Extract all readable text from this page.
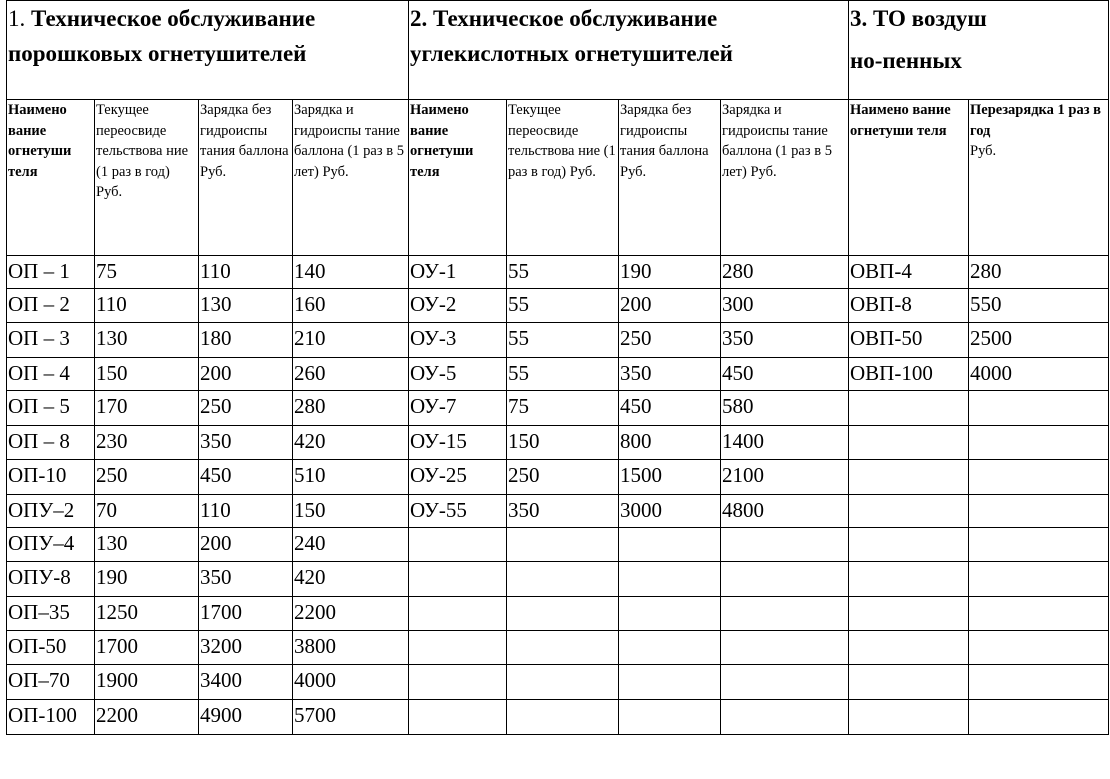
1. Техническое обслуживание порошковых огнетушителей				2. Техническое обслуживание углекислотных огнетушителей				3. ТО воздуш
но-пенных	

Наимено вание огнетуши теля	Текущее переосвиде тельствова ние (1 раз в год) Руб.	Зарядка без гидроиспы тания баллона Руб.	Зарядка и гидроиспы тание баллона (1 раз в 5 лет) Руб.	Наимено вание огнетуши теля	Текущее переосвиде тельствова ние (1 раз в год) Руб.	Зарядка без гидроиспы тания баллона Руб.	Зарядка и гидроиспы тание баллона (1 раз в 5 лет) Руб.	Наимено вание огнетуши теля	Перезарядка 1 раз в год
Руб.

ОП – 1	75	110	140	ОУ-1	55	190	280	ОВП-4	280
ОП – 2	110	130	160	ОУ-2	55	200	300	ОВП-8	550
ОП – 3	130	180	210	ОУ-3	55	250	350	ОВП-50	2500
ОП – 4	150	200	260	ОУ-5	55	350	450	ОВП-100	4000
ОП – 5	170	250	280	ОУ-7	75	450	580		
ОП – 8	230	350	420	ОУ-15	150	800	1400		
ОП-10	250	450	510	ОУ-25	250	1500	2100		
ОПУ–2	70	110	150	ОУ-55	350	3000	4800		
ОПУ–4	130	200	240						
ОПУ-8	190	350	420						
ОП–35	1250	1700	2200						
ОП-50	1700	3200	3800						
ОП–70	1900	3400	4000						
ОП-100	2200	4900	5700						
